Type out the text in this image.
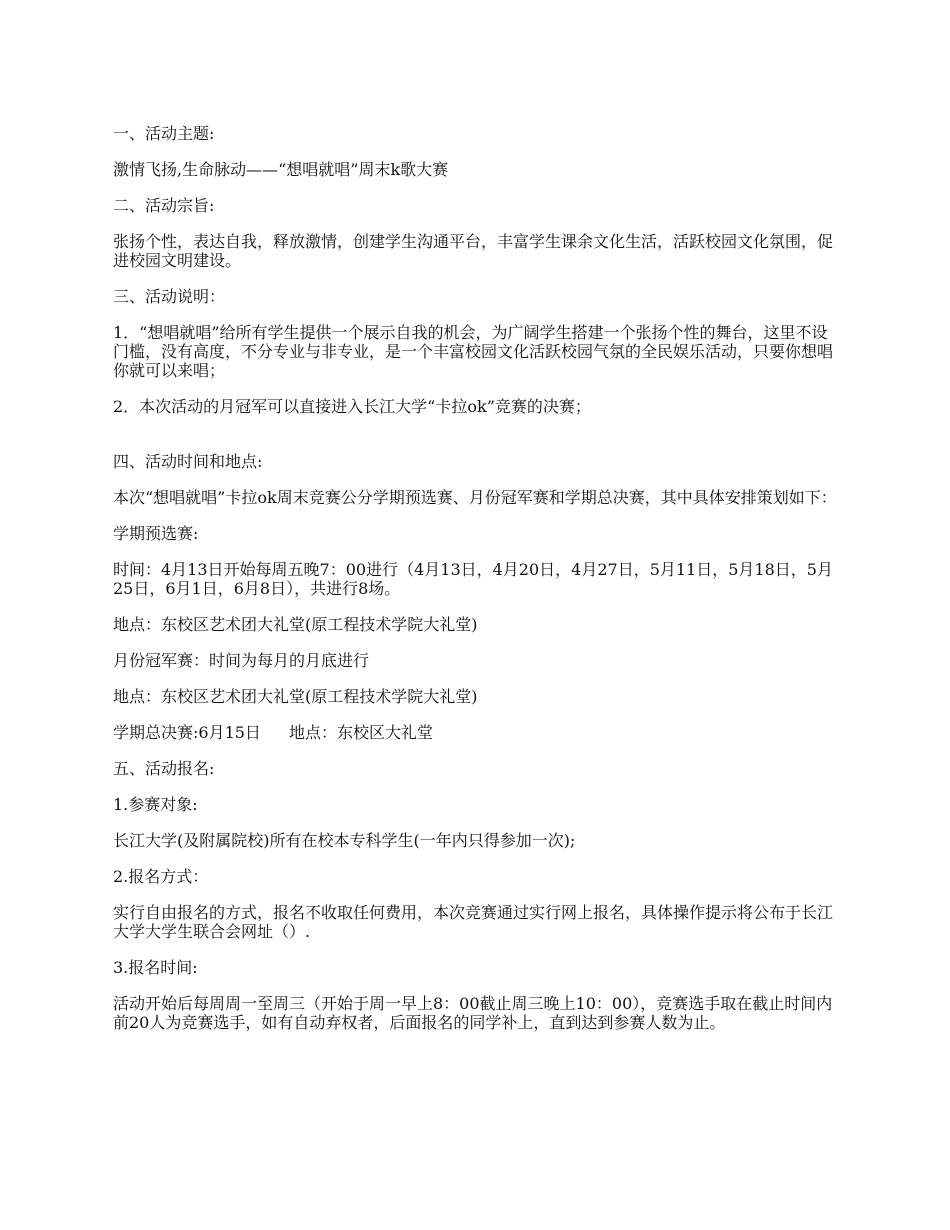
一、活动主题:

激情飞扬,生命脉动——“想唱就唱”周末k歌大赛

二、活动宗旨:

张扬个性，表达自我，释放激情，创建学生沟通平台，丰富学生课余文化生活，活跃校园文化氛围，促进校园文明建设。

三、活动说明：

1．“想唱就唱”给所有学生提供一个展示自我的机会，为广阔学生搭建一个张扬个性的舞台，这里不设门槛，没有高度，不分专业与非专业，是一个丰富校园文化活跃校园气氛的全民娱乐活动，只要你想唱你就可以来唱；

2．本次活动的月冠军可以直接进入长江大学“卡拉ok”竞赛的决赛；

四、活动时间和地点:

本次“想唱就唱”卡拉ok周末竞赛公分学期预选赛、月份冠军赛和学期总决赛，其中具体安排策划如下：

学期预选赛:

时间：4月13日开始每周五晚7：00进行（4月13日，4月20日，4月27日，5月11日，5月18日，5月25日，6月1日，6月8日），共进行8场。

地点：东校区艺术团大礼堂(原工程技术学院大礼堂)

月份冠军赛：时间为每月的月底进行

地点：东校区艺术团大礼堂(原工程技术学院大礼堂)

学期总决赛:6月15日 地点：东校区大礼堂

五、活动报名:

1.参赛对象:

长江大学(及附属院校)所有在校本专科学生(一年内只得参加一次);

2.报名方式：

实行自由报名的方式，报名不收取任何费用，本次竞赛通过实行网上报名，具体操作提示将公布于长江大学大学生联合会网址（）.

3.报名时间:

活动开始后每周周一至周三（开始于周一早上8：00截止周三晚上10：00），竞赛选手取在截止时间内前20人为竞赛选手，如有自动弃权者，后面报名的同学补上，直到达到参赛人数为止。
